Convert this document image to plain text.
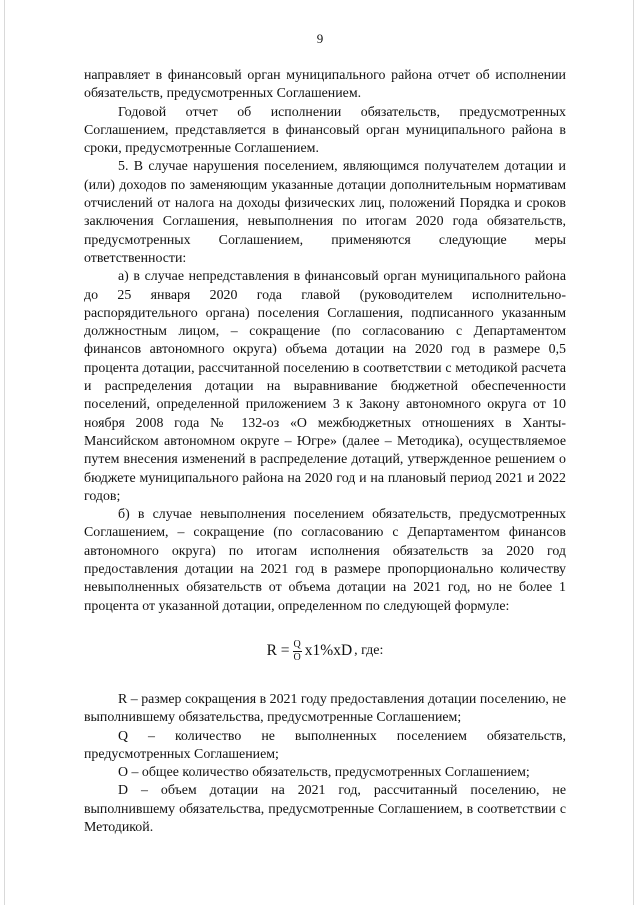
9

направляет в финансовый орган муниципального района отчет об исполнении обязательств, предусмотренных Соглашением.

Годовой отчет об исполнении обязательств, предусмотренных Соглашением, представляется в финансовый орган муниципального района в сроки, предусмотренные Соглашением.

5. В случае нарушения поселением, являющимся получателем дотации и (или) доходов по заменяющим указанные дотации дополнительным нормативам отчислений от налога на доходы физических лиц, положений Порядка и сроков заключения Соглашения, невыполнения по итогам 2020 года обязательств, предусмотренных Соглашением, применяются следующие меры ответственности:

а) в случае непредставления в финансовый орган муниципального района до 25 января 2020 года главой (руководителем исполнительно-распорядительного органа) поселения Соглашения, подписанного указанным должностным лицом, – сокращение (по согласованию с Департаментом финансов автономного округа) объема дотации на 2020 год в размере 0,5 процента дотации, рассчитанной поселению в соответствии с методикой расчета и распределения дотации на выравнивание бюджетной обеспеченности поселений, определенной приложением 3 к Закону автономного округа от 10 ноября 2008 года № 132-оз «О межбюджетных отношениях в Ханты-Мансийском автономном округе – Югре» (далее – Методика), осуществляемое путем внесения изменений в распределение дотаций, утвержденное решением о бюджете муниципального района на 2020 год и на плановый период 2021 и 2022 годов;

б) в случае невыполнения поселением обязательств, предусмотренных Соглашением, – сокращение (по согласованию с Департаментом финансов автономного округа) по итогам исполнения обязательств за 2020 год предоставления дотации на 2021 год в размере пропорционально количеству невыполненных обязательств от объема дотации на 2021 год, но не более 1 процента от указанной дотации, определенном по следующей формуле:

$R = \frac{Q}{O} x1\%xD$ , где:

R – размер сокращения в 2021 году предоставления дотации поселению, не выполнившему обязательства, предусмотренные Соглашением;

Q – количество не выполненных поселением обязательств, предусмотренных Соглашением;

О – общее количество обязательств, предусмотренных Соглашением;

D – объем дотации на 2021 год, рассчитанный поселению, не выполнившему обязательства, предусмотренные Соглашением, в соответствии с Методикой.
